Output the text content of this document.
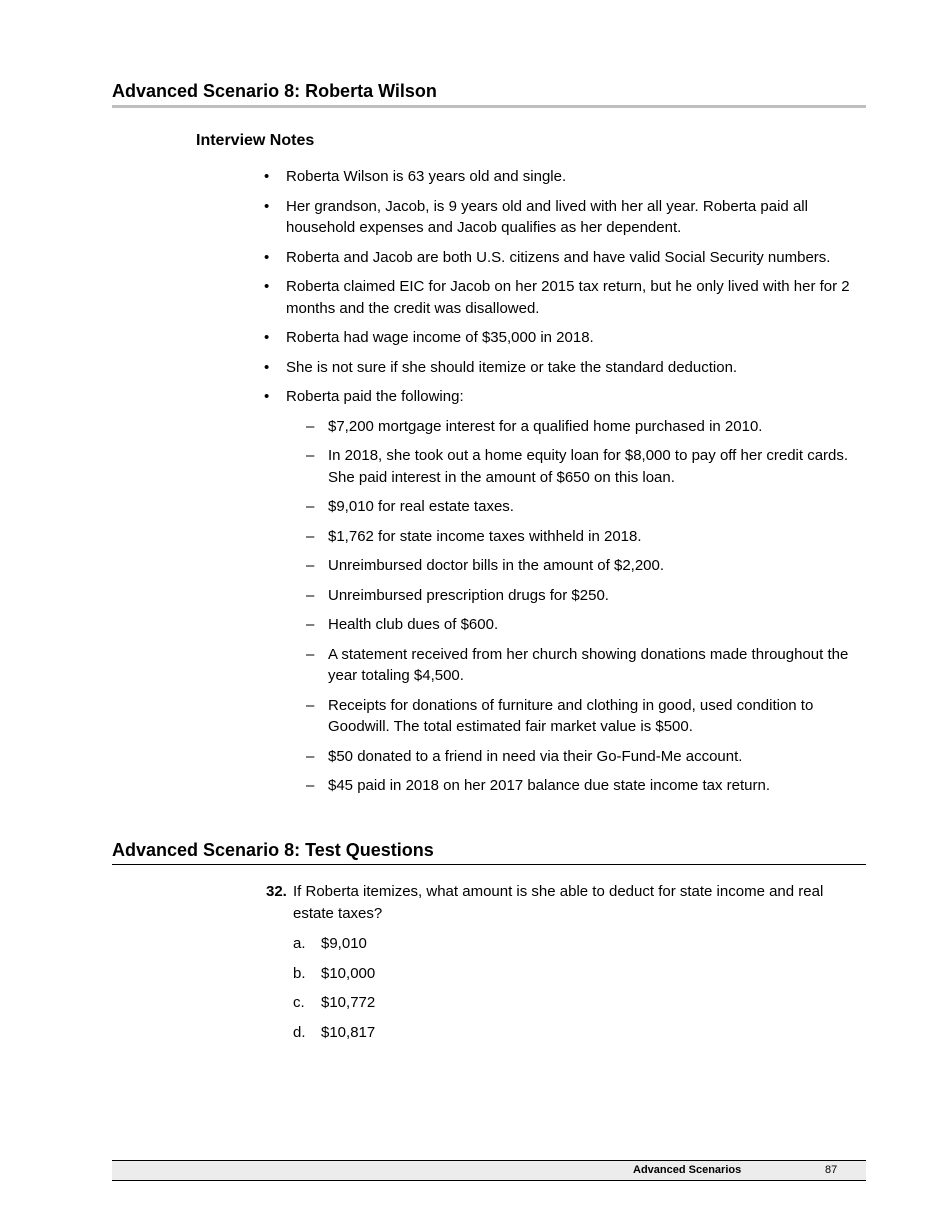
Advanced Scenario 8: Roberta Wilson
Interview Notes
•	Roberta Wilson is 63 years old and single.
•	Her grandson, Jacob, is 9 years old and lived with her all year. Roberta paid all household expenses and Jacob qualifies as her dependent.
•	Roberta and Jacob are both U.S. citizens and have valid Social Security numbers.
•	Roberta claimed EIC for Jacob on her 2015 tax return, but he only lived with her for 2 months and the credit was disallowed.
•	Roberta had wage income of $35,000 in 2018.
•	She is not sure if she should itemize or take the standard deduction.
•	Roberta paid the following:
– $7,200 mortgage interest for a qualified home purchased in 2010.
– In 2018, she took out a home equity loan for $8,000 to pay off her credit cards. She paid interest in the amount of $650 on this loan.
– $9,010 for real estate taxes.
– $1,762 for state income taxes withheld in 2018.
– Unreimbursed doctor bills in the amount of $2,200.
– Unreimbursed prescription drugs for $250.
– Health club dues of $600.
– A statement received from her church showing donations made throughout the year totaling $4,500.
– Receipts for donations of furniture and clothing in good, used condition to Goodwill. The total estimated fair market value is $500.
– $50 donated to a friend in need via their Go-Fund-Me account.
– $45 paid in 2018 on her 2017 balance due state income tax return.
Advanced Scenario 8: Test Questions
32. If Roberta itemizes, what amount is she able to deduct for state income and real estate taxes?
a. $9,010
b. $10,000
c. $10,772
d. $10,817
Advanced Scenarios	87
